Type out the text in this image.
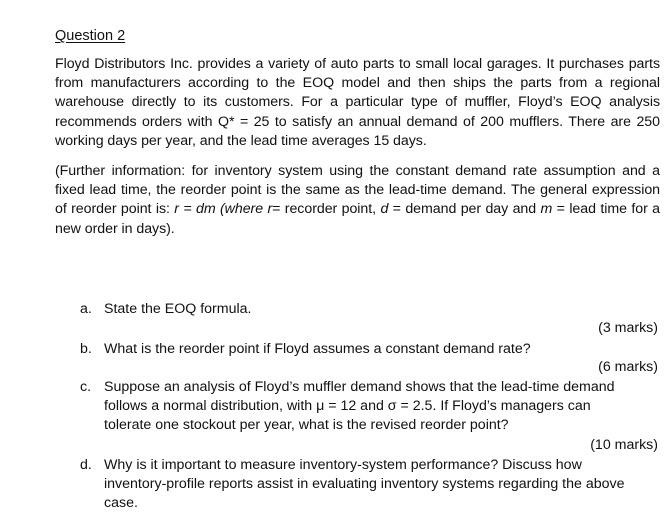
Question 2
Floyd Distributors Inc. provides a variety of auto parts to small local garages. It purchases parts from manufacturers according to the EOQ model and then ships the parts from a regional warehouse directly to its customers. For a particular type of muffler, Floyd’s EOQ analysis recommends orders with Q* = 25 to satisfy an annual demand of 200 mufflers. There are 250 working days per year, and the lead time averages 15 days.
(Further information: for inventory system using the constant demand rate assumption and a fixed lead time, the reorder point is the same as the lead-time demand. The general expression of reorder point is: r = dm (where r= recorder point, d = demand per day and m = lead time for a new order in days).
a. State the EOQ formula.
(3 marks)
b. What is the reorder point if Floyd assumes a constant demand rate?
(6 marks)
c. Suppose an analysis of Floyd’s muffler demand shows that the lead-time demand follows a normal distribution, with μ = 12 and σ = 2.5. If Floyd’s managers can tolerate one stockout per year, what is the revised reorder point?
(10 marks)
d. Why is it important to measure inventory-system performance? Discuss how inventory-profile reports assist in evaluating inventory systems regarding the above case.
